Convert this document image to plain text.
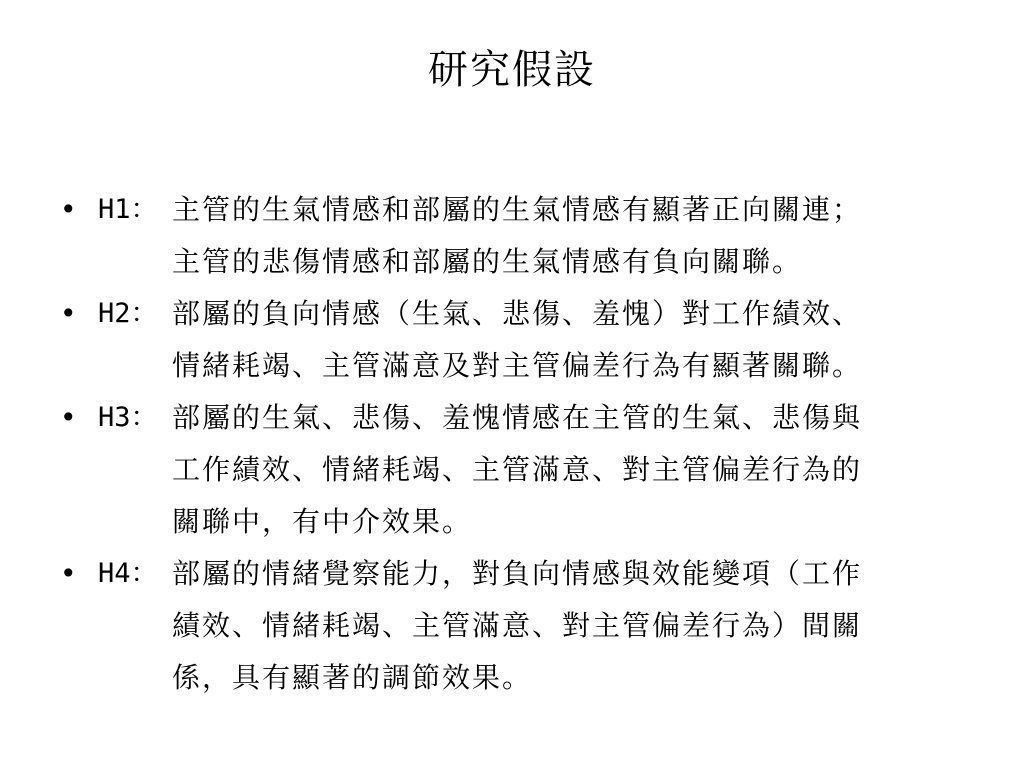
研究假設
• H1： 主管的生氣情感和部屬的生氣情感有顯著正向關連；
主管的悲傷情感和部屬的生氣情感有負向關聯。
• H2： 部屬的負向情感（生氣、悲傷、羞愧）對工作績效、
情緒耗竭、主管滿意及對主管偏差行為有顯著關聯。
• H3： 部屬的生氣、悲傷、羞愧情感在主管的生氣、悲傷與
工作績效、情緒耗竭、主管滿意、對主管偏差行為的
關聯中，有中介效果。
• H4： 部屬的情緒覺察能力，對負向情感與效能變項（工作
績效、情緒耗竭、主管滿意、對主管偏差行為）間關
係，具有顯著的調節效果。
